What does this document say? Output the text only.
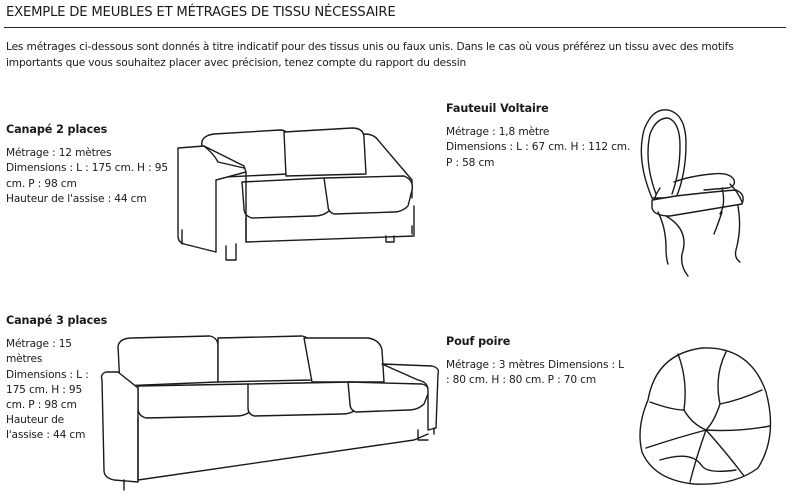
EXEMPLE DE MEUBLES ET MÉTRAGES DE TISSU NÉCESSAIRE
Les métrages ci-dessous sont donnés à titre indicatif pour des tissus unis ou faux unis. Dans le cas où vous préférez un tissu avec des motifs
importants que vous souhaitez placer avec précision, tenez compte du rapport du dessin
Canapé 2 places
Métrage : 12 mètres
Dimensions : L : 175 cm. H : 95
cm. P : 98 cm
Hauteur de l'assise : 44 cm
Fauteuil Voltaire
Métrage : 1,8 mètre
Dimensions : L : 67 cm. H : 112 cm.
P : 58 cm
Canapé 3 places
Métrage : 15
mètres
Dimensions : L :
175 cm. H : 95
cm. P : 98 cm
Hauteur de
l'assise : 44 cm
Pouf poire
Métrage : 3 mètres Dimensions : L
: 80 cm. H : 80 cm. P : 70 cm
